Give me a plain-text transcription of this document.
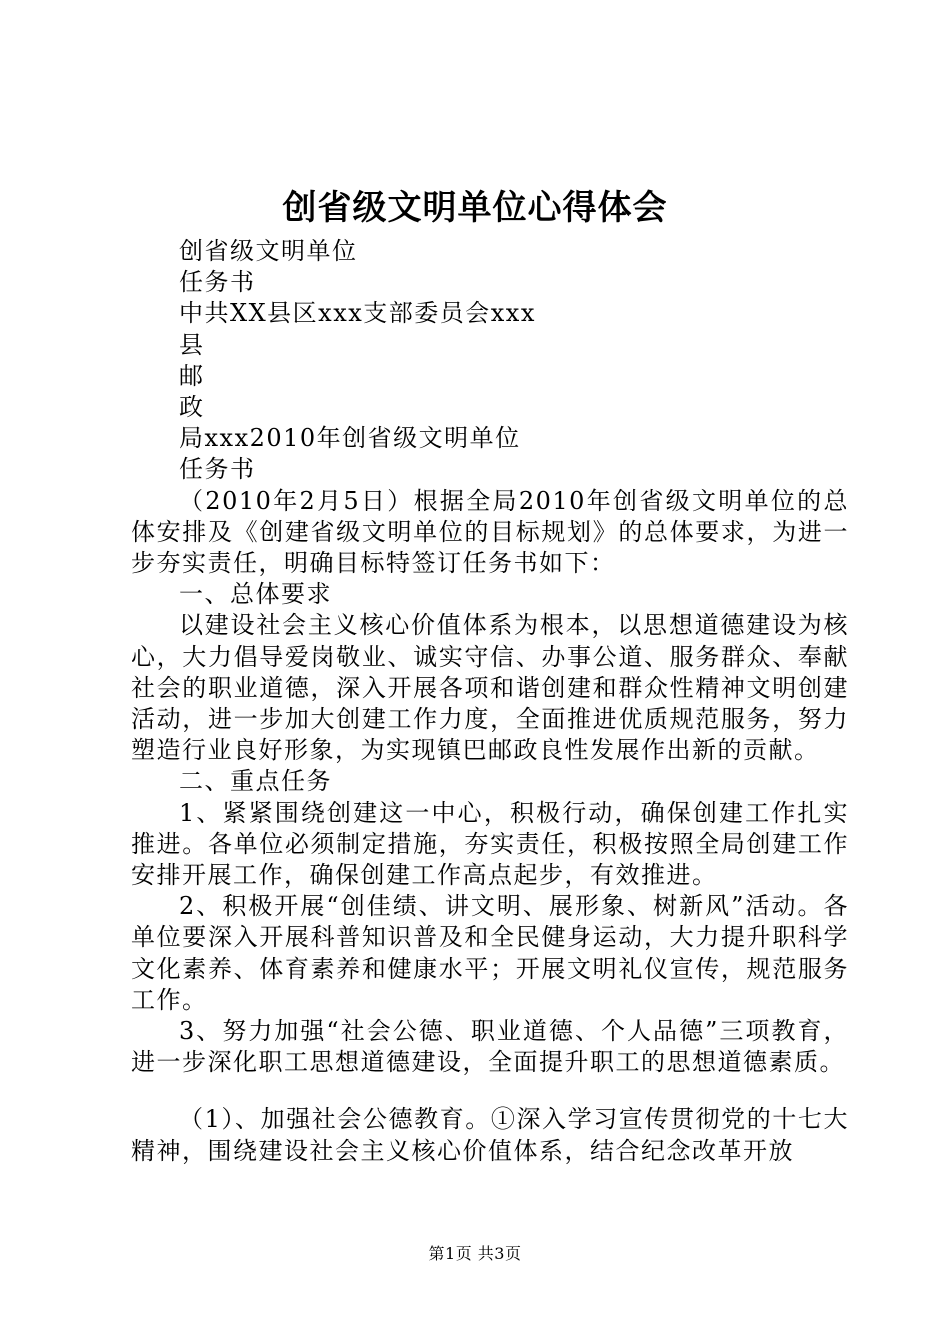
创省级文明单位心得体会

创省级文明单位

任务书

中共XX县区xxx支部委员会xxx

县

邮

政

局xxx2010年创省级文明单位

任务书

（2010年2月5日）根据全局2010年创省级文明单位的总体安排及《创建省级文明单位的目标规划》的总体要求，为进一步夯实责任，明确目标特签订任务书如下：

一、总体要求

以建设社会主义核心价值体系为根本，以思想道德建设为核心，大力倡导爱岗敬业、诚实守信、办事公道、服务群众、奉献社会的职业道德，深入开展各项和谐创建和群众性精神文明创建活动，进一步加大创建工作力度，全面推进优质规范服务，努力塑造行业良好形象，为实现镇巴邮政良性发展作出新的贡献。

二、重点任务

1、紧紧围绕创建这一中心，积极行动，确保创建工作扎实推进。各单位必须制定措施，夯实责任，积极按照全局创建工作安排开展工作，确保创建工作高点起步，有效推进。

2、积极开展“创佳绩、讲文明、展形象、树新风”活动。各单位要深入开展科普知识普及和全民健身运动，大力提升职科学文化素养、体育素养和健康水平；开展文明礼仪宣传，规范服务工作。

3、努力加强“社会公德、职业道德、个人品德”三项教育，进一步深化职工思想道德建设，全面提升职工的思想道德素质。

（1）、加强社会公德教育。①深入学习宣传贯彻党的十七大精神，围绕建设社会主义核心价值体系，结合纪念改革开放

第1页 共3页
